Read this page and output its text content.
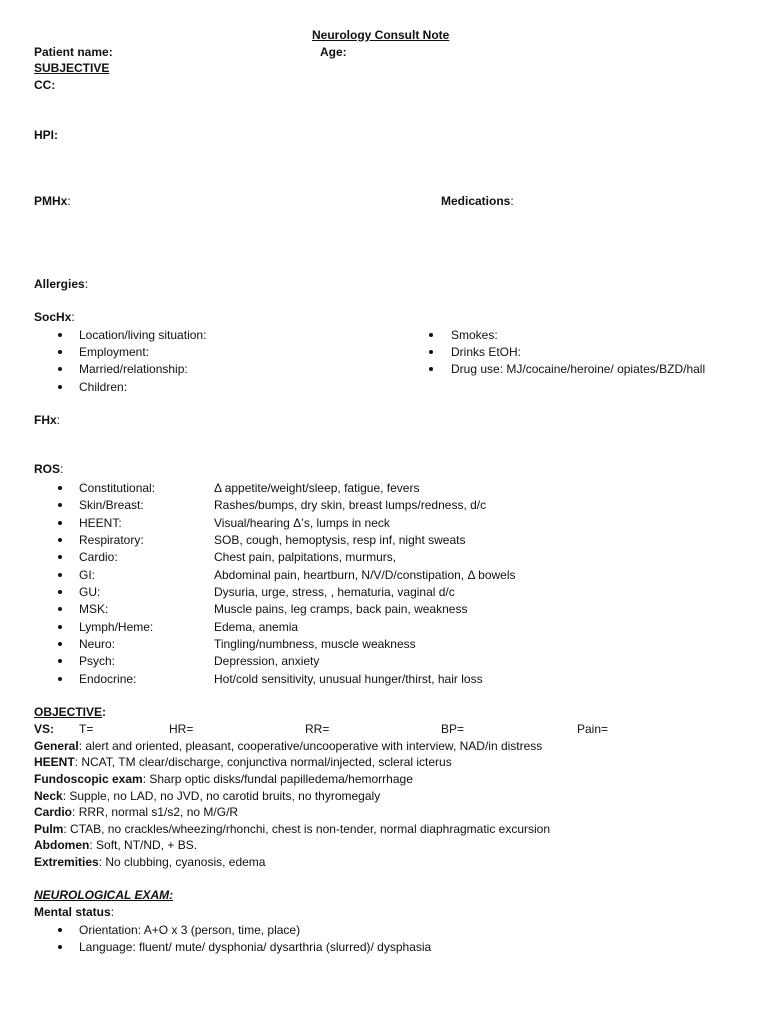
Neurology Consult Note
Patient name:	Age:
SUBJECTIVE
CC:
HPI:
PMHx:	Medications:
Allergies:
SocHx:
Location/living situation:
Employment:
Married/relationship:
Children:
Smokes:
Drinks EtOH:
Drug use: MJ/cocaine/heroine/ opiates/BZD/hall
FHx:
ROS:
Constitutional:	Δ appetite/weight/sleep, fatigue, fevers
Skin/Breast:	Rashes/bumps, dry skin, breast lumps/redness, d/c
HEENT:	Visual/hearing Δ’s, lumps in neck
Respiratory:	SOB, cough, hemoptysis, resp inf, night sweats
Cardio:	Chest pain, palpitations, murmurs,
GI:	Abdominal pain, heartburn, N/V/D/constipation, Δ bowels
GU:	Dysuria, urge, stress, , hematuria, vaginal d/c
MSK:	Muscle pains, leg cramps, back pain, weakness
Lymph/Heme:	Edema, anemia
Neuro:	Tingling/numbness, muscle weakness
Psych:	Depression, anxiety
Endocrine:	Hot/cold sensitivity, unusual hunger/thirst, hair loss
OBJECTIVE:
VS: T=	HR=	RR=	BP=	Pain=
General: alert and oriented, pleasant, cooperative/uncooperative with interview, NAD/in distress
HEENT: NCAT, TM clear/discharge, conjunctiva normal/injected, scleral icterus
Fundoscopic exam: Sharp optic disks/fundal papilledema/hemorrhage
Neck: Supple, no LAD, no JVD, no carotid bruits, no thyromegaly
Cardio: RRR, normal s1/s2, no M/G/R
Pulm: CTAB, no crackles/wheezing/rhonchi, chest is non-tender, normal diaphragmatic excursion
Abdomen: Soft, NT/ND, + BS.
Extremities: No clubbing, cyanosis, edema
NEUROLOGICAL EXAM:
Mental status:
Orientation: A+O x 3 (person, time, place)
Language: fluent/ mute/ dysphonia/ dysarthria (slurred)/ dysphasia
